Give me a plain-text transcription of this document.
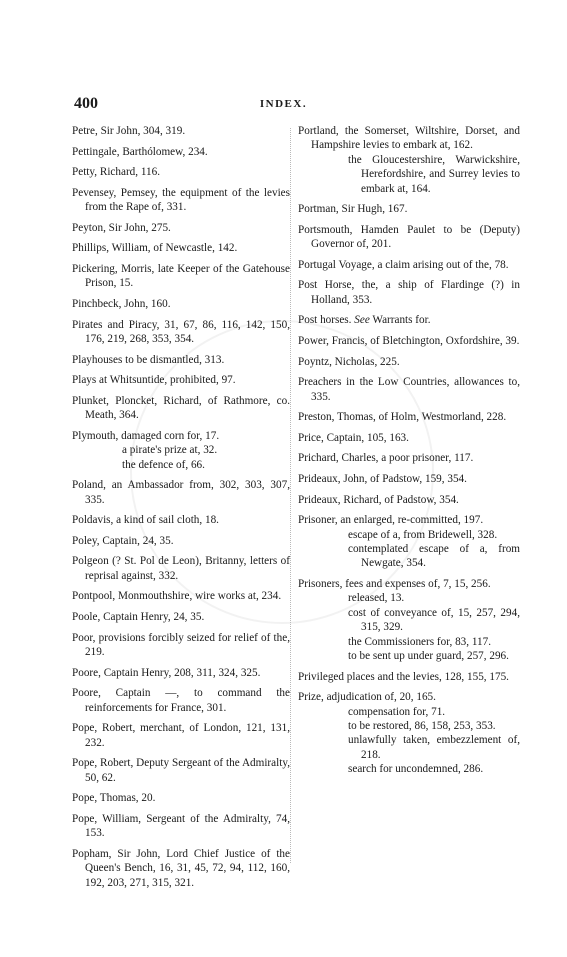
400	INDEX.
Petre, Sir John, 304, 319.
Pettingale, Barthólomew, 234.
Petty, Richard, 116.
Pevensey, Pemsey, the equipment of the levies from the Rape of, 331.
Peyton, Sir John, 275.
Phillips, William, of Newcastle, 142.
Pickering, Morris, late Keeper of the Gatehouse Prison, 15.
Pinchbeck, John, 160.
Pirates and Piracy, 31, 67, 86, 116, 142, 150, 176, 219, 268, 353, 354.
Playhouses to be dismantled, 313.
Plays at Whitsuntide, prohibited, 97.
Plunket, Ploncket, Richard, of Rathmore, co. Meath, 364.
Plymouth, damaged corn for, 17.
a pirate's prize at, 32.
the defence of, 66.
Poland, an Ambassador from, 302, 303, 307, 335.
Poldavis, a kind of sail cloth, 18.
Poley, Captain, 24, 35.
Polgeon (? St. Pol de Leon), Britanny, letters of reprisal against, 332.
Pontpool, Monmouthshire, wire works at, 234.
Poole, Captain Henry, 24, 35.
Poor, provisions forcibly seized for relief of the, 219.
Poore, Captain Henry, 208, 311, 324, 325.
Poore, Captain —, to command the reinforcements for France, 301.
Pope, Robert, merchant, of London, 121, 131, 232.
Pope, Robert, Deputy Sergeant of the Admiralty, 50, 62.
Pope, Thomas, 20.
Pope, William, Sergeant of the Admiralty, 74, 153.
Popham, Sir John, Lord Chief Justice of the Queen's Bench, 16, 31, 45, 72, 94, 112, 160, 192, 203, 271, 315, 321.
Portland, the Somerset, Wiltshire, Dorset, and Hampshire levies to embark at, 162.
the Gloucestershire, Warwickshire, Herefordshire, and Surrey levies to embark at, 164.
Portman, Sir Hugh, 167.
Portsmouth, Hamden Paulet to be (Deputy) Governor of, 201.
Portugal Voyage, a claim arising out of the, 78.
Post Horse, the, a ship of Flardinge (?) in Holland, 353.
Post horses. See Warrants for.
Power, Francis, of Bletchington, Oxfordshire, 39.
Poyntz, Nicholas, 225.
Preachers in the Low Countries, allowances to, 335.
Preston, Thomas, of Holm, Westmorland, 228.
Price, Captain, 105, 163.
Prichard, Charles, a poor prisoner, 117.
Prideaux, John, of Padstow, 159, 354.
Prideaux, Richard, of Padstow, 354.
Prisoner, an enlarged, re-committed, 197.
escape of a, from Bridewell, 328.
contemplated escape of a, from Newgate, 354.
Prisoners, fees and expenses of, 7, 15, 256.
released, 13.
cost of conveyance of, 15, 257, 294, 315, 329.
the Commissioners for, 83, 117.
to be sent up under guard, 257, 296.
Privileged places and the levies, 128, 155, 175.
Prize, adjudication of, 20, 165.
compensation for, 71.
to be restored, 86, 158, 253, 353.
unlawfully taken, embezzlement of, 218.
search for uncondemned, 286.
